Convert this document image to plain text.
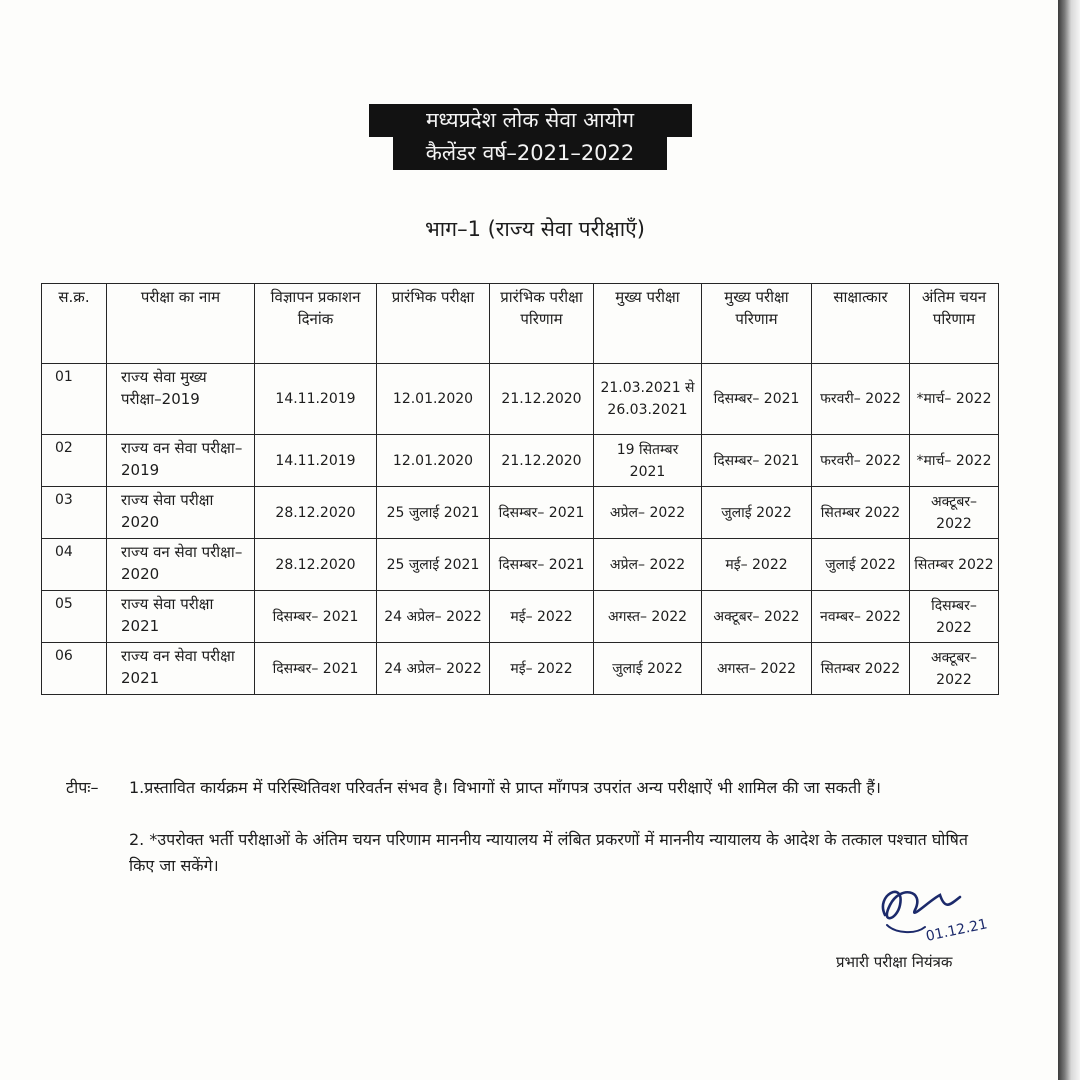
मध्यप्रदेश लोक सेवा आयोग
कैलेंडर वर्ष–2021–2022
भाग–1 (राज्य सेवा परीक्षाएँ)
स.क्र.	परीक्षा का नाम	विज्ञापन प्रकाशन दिनांक	प्रारंभिक परीक्षा	प्रारंभिक परीक्षा परिणाम	मुख्य परीक्षा	मुख्य परीक्षा परिणाम	साक्षात्कार	अंतिम चयन परिणाम
01	राज्य सेवा मुख्य परीक्षा–2019	14.11.2019	12.01.2020	21.12.2020	21.03.2021 से 26.03.2021	दिसम्बर– 2021	फरवरी– 2022	*मार्च– 2022
02	राज्य वन सेवा परीक्षा–2019	14.11.2019	12.01.2020	21.12.2020	19 सितम्बर 2021	दिसम्बर– 2021	फरवरी– 2022	*मार्च– 2022
03	राज्य सेवा परीक्षा 2020	28.12.2020	25 जुलाई 2021	दिसम्बर– 2021	अप्रेल– 2022	जुलाई 2022	सितम्बर 2022	अक्टूबर– 2022
04	राज्य वन सेवा परीक्षा–2020	28.12.2020	25 जुलाई 2021	दिसम्बर– 2021	अप्रेल– 2022	मई– 2022	जुलाई 2022	सितम्बर 2022
05	राज्य सेवा परीक्षा 2021	दिसम्बर– 2021	24 अप्रेल– 2022	मई– 2022	अगस्त– 2022	अक्टूबर– 2022	नवम्बर– 2022	दिसम्बर– 2022
06	राज्य वन सेवा परीक्षा 2021	दिसम्बर– 2021	24 अप्रेल– 2022	मई– 2022	जुलाई 2022	अगस्त– 2022	सितम्बर 2022	अक्टूबर– 2022
टीपः– 1.प्रस्तावित कार्यक्रम में परिस्थितिवश परिवर्तन संभव है। विभागों से प्राप्त माँगपत्र उपरांत अन्य परीक्षाऐं भी शामिल की जा सकती हैं।
2. *उपरोक्त भर्ती परीक्षाओं के अंतिम चयन परिणाम माननीय न्यायालय में लंबित प्रकरणों में माननीय न्यायालय के आदेश के तत्काल पश्चात घोषित किए जा सकेंगे।
01.12.21
प्रभारी परीक्षा नियंत्रक
